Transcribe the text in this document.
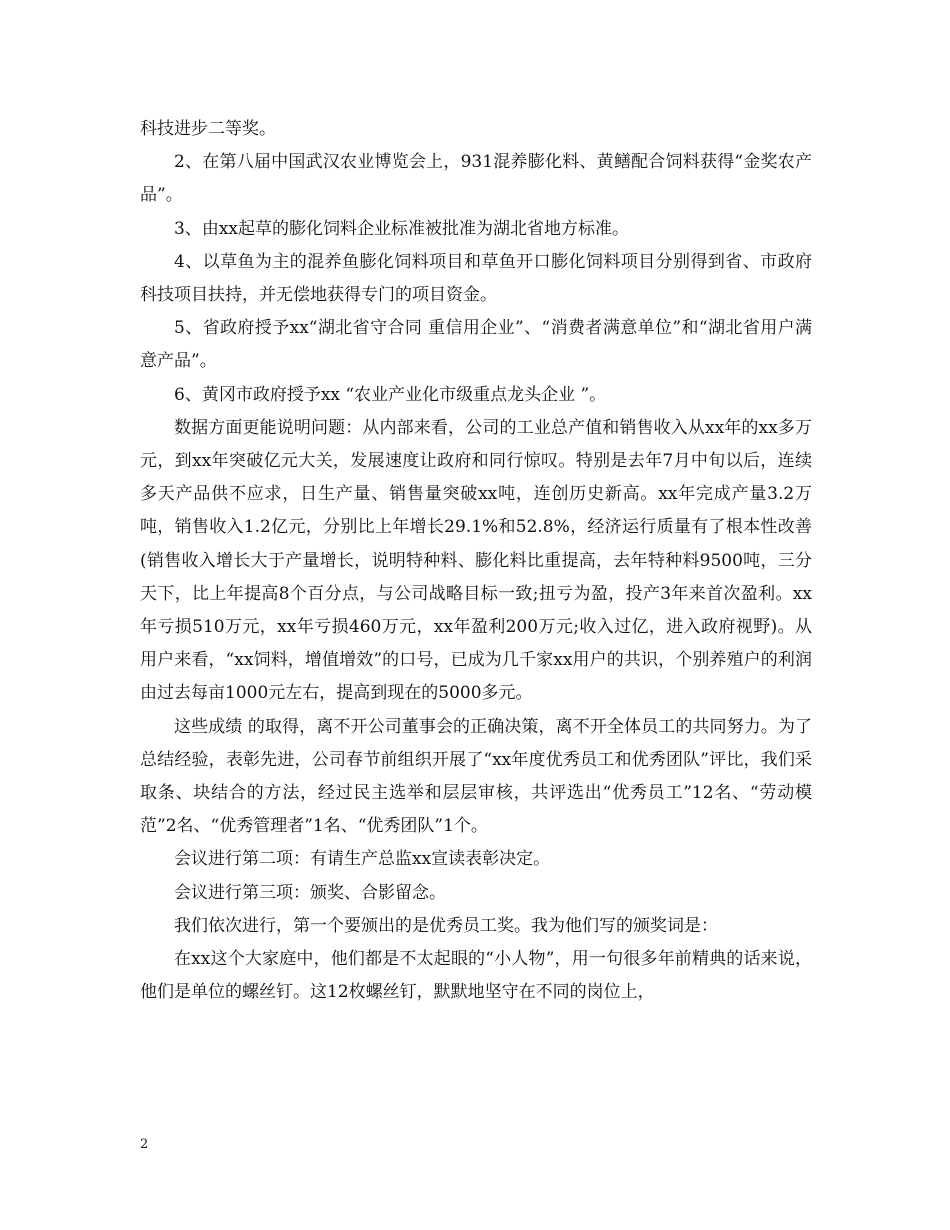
科技进步二等奖。

2、在第八届中国武汉农业博览会上，931混养膨化料、黄鳝配合饲料获得“金奖农产品”。

3、由xx起草的膨化饲料企业标准被批准为湖北省地方标准。

4、以草鱼为主的混养鱼膨化饲料项目和草鱼开口膨化饲料项目分别得到省、市政府科技项目扶持，并无偿地获得专门的项目资金。

5、省政府授予xx“湖北省守合同 重信用企业”、“消费者满意单位”和“湖北省用户满意产品”。

6、黄冈市政府授予xx “农业产业化市级重点龙头企业 ”。

数据方面更能说明问题：从内部来看，公司的工业总产值和销售收入从xx年的xx多万元，到xx年突破亿元大关，发展速度让政府和同行惊叹。特别是去年7月中旬以后，连续多天产品供不应求，日生产量、销售量突破xx吨，连创历史新高。xx年完成产量3.2万吨，销售收入1.2亿元，分别比上年增长29.1%和52.8%，经济运行质量有了根本性改善(销售收入增长大于产量增长，说明特种料、膨化料比重提高，去年特种料9500吨，三分天下，比上年提高8个百分点，与公司战略目标一致;扭亏为盈，投产3年来首次盈利。xx年亏损510万元，xx年亏损460万元，xx年盈利200万元;收入过亿，进入政府视野)。从用户来看，“xx饲料，增值增效”的口号，已成为几千家xx用户的共识，个别养殖户的利润由过去每亩1000元左右，提高到现在的5000多元。

这些成绩 的取得，离不开公司董事会的正确决策，离不开全体员工的共同努力。为了总结经验，表彰先进，公司春节前组织开展了“xx年度优秀员工和优秀团队”评比，我们采取条、块结合的方法，经过民主选举和层层审核，共评选出“优秀员工”12名、“劳动模范”2名、“优秀管理者”1名、“优秀团队”1个。

会议进行第二项：有请生产总监xx宣读表彰决定。

会议进行第三项：颁奖、合影留念。

我们依次进行，第一个要颁出的是优秀员工奖。我为他们写的颁奖词是：

在xx这个大家庭中，他们都是不太起眼的“小人物”，用一句很多年前精典的话来说，他们是单位的螺丝钉。这12枚螺丝钉，默默地坚守在不同的岗位上，

2
